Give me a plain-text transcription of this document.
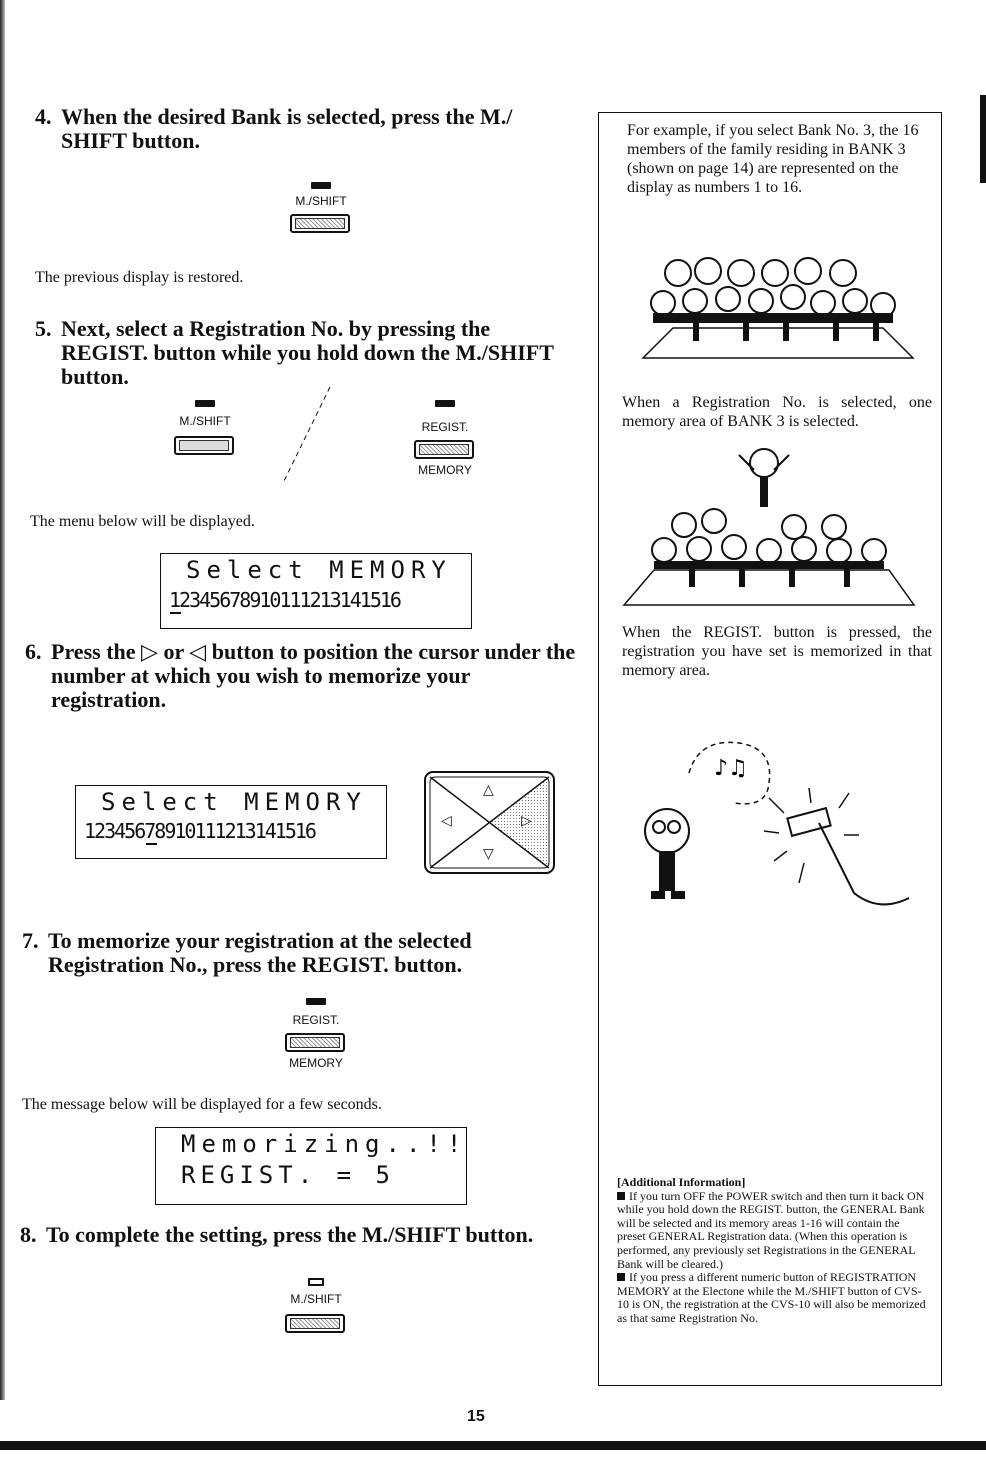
4. When the desired Bank is selected, press the M./ SHIFT button.
M./SHIFT
The previous display is restored.
5. Next, select a Registration No. by pressing the REGIST. button while you hold down the M./SHIFT button.
M./SHIFT	REGIST.
MEMORY
The menu below will be displayed.
Select MEMORY
12345678910111213141516
6. Press the ▷ or ◁ button to position the cursor under the number at which you wish to memorize your registration.
Select MEMORY
12345678910111213141516
△
▽
◁	▷
7. To memorize your registration at the selected Registration No., press the REGIST. button.
REGIST.
MEMORY
The message below will be displayed for a few seconds.
Memorizing..!!
REGIST. = 5
8. To complete the setting, press the M./SHIFT button.
M./SHIFT
For example, if you select Bank No. 3, the 16 members of the family residing in BANK 3 (shown on page 14) are represented on the display as numbers 1 to 16.
When a Registration No. is selected, one memory area of BANK 3 is selected.
When the REGIST. button is pressed, the registration you have set is memorized in that memory area.
♪♫
[Additional Information]
If you turn OFF the POWER switch and then turn it back ON while you hold down the REGIST. button, the GENERAL Bank will be selected and its memory areas 1-16 will contain the preset GENERAL Registration data. (When this operation is performed, any previously set Registrations in the GENERAL Bank will be cleared.)
If you press a different numeric button of REGISTRATION MEMORY at the Electone while the M./SHIFT button of CVS-10 is ON, the registration at the CVS-10 will also be memorized as that same Registration No.
15
